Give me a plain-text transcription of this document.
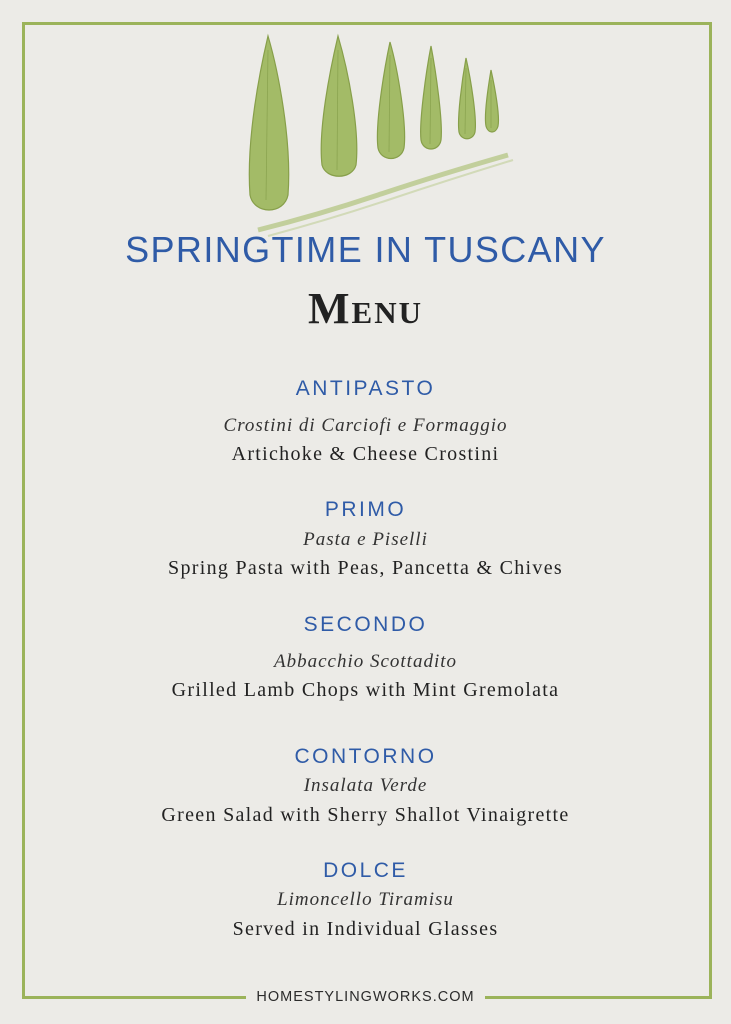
SPRINGTIME IN TUSCANY
Menu
ANTIPASTO
Crostini di Carciofi e Formaggio
Artichoke & Cheese Crostini
PRIMO
Pasta e Piselli
Spring Pasta with Peas, Pancetta & Chives
SECONDO
Abbacchio Scottadito
Grilled Lamb Chops with Mint Gremolata
CONTORNO
Insalata Verde
Green Salad with Sherry Shallot Vinaigrette
DOLCE
Limoncello Tiramisu
Served in Individual Glasses
HOMESTYLINGWORKS.COM
